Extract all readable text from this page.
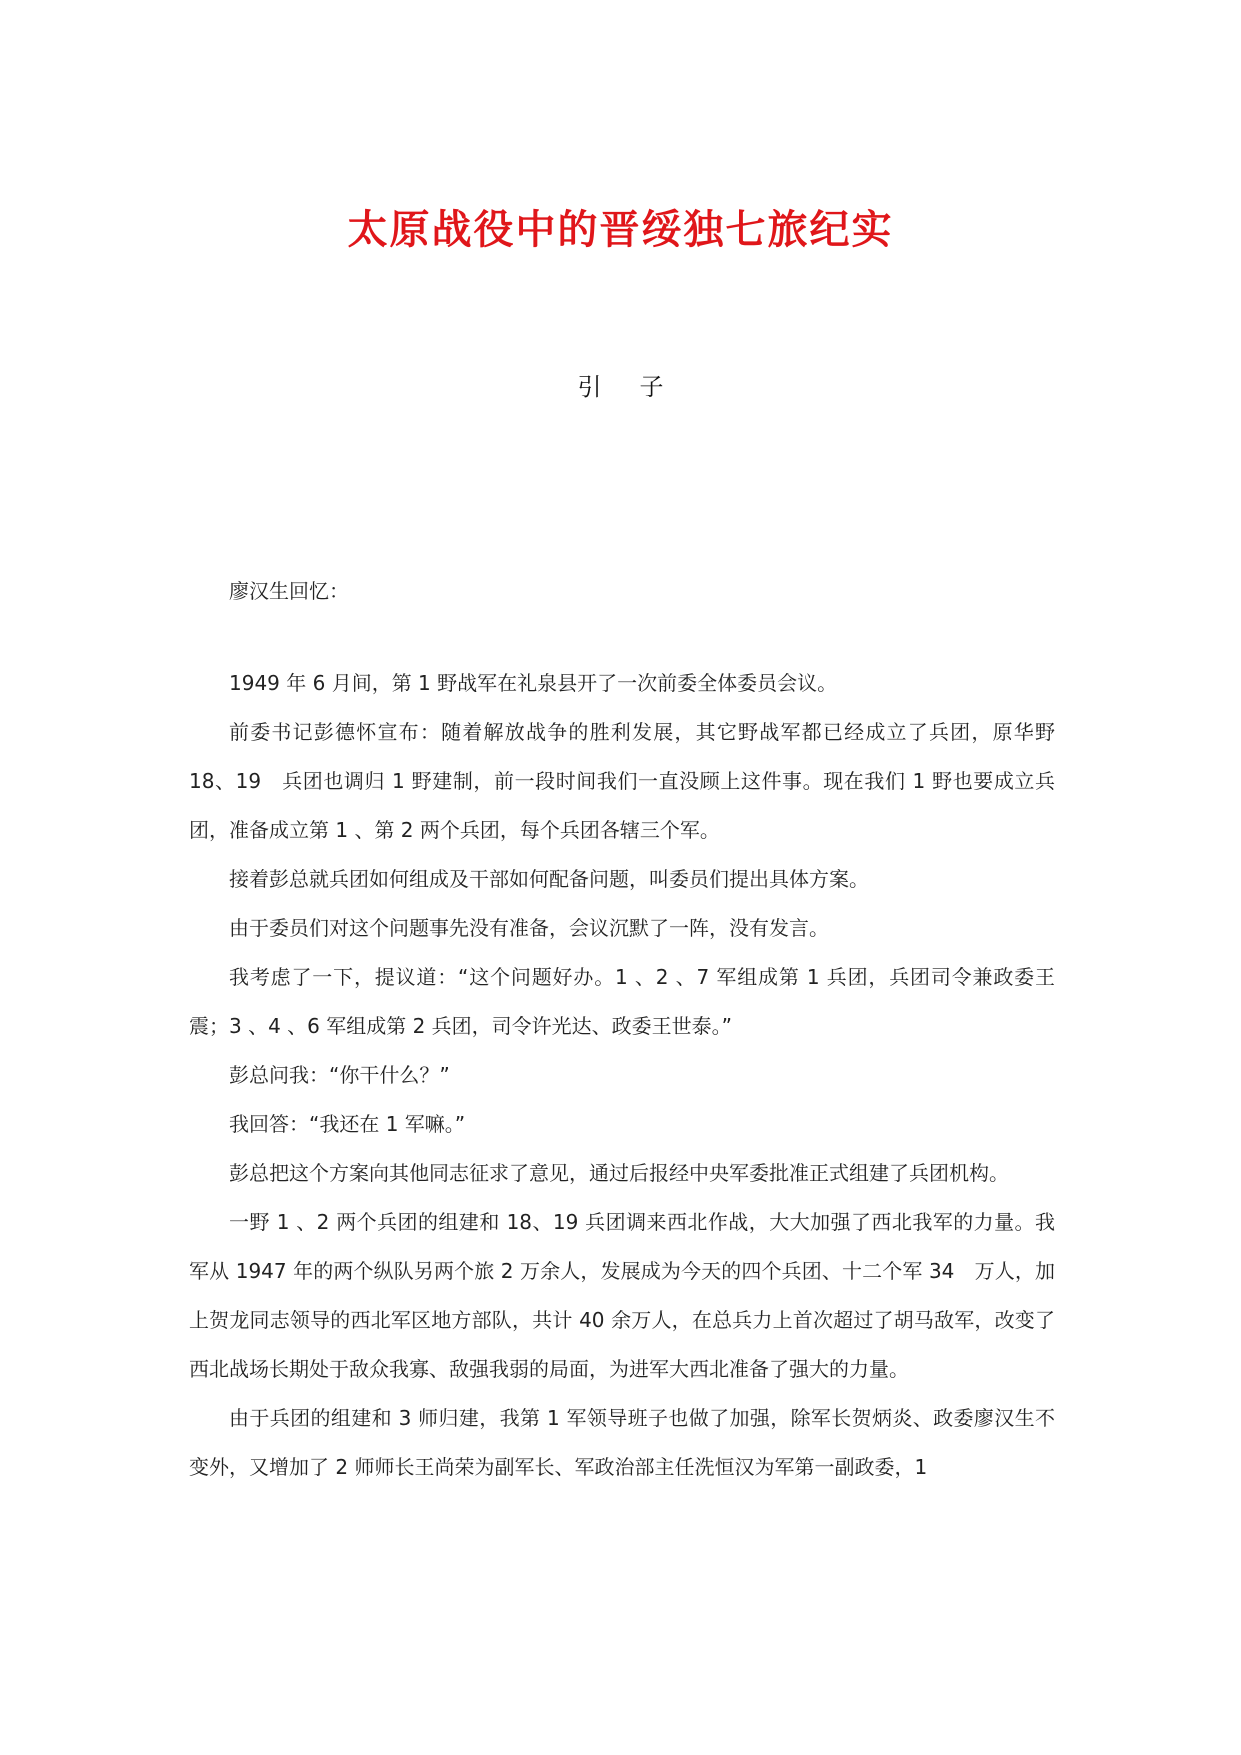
太原战役中的晋绥独七旅纪实
引 子

廖汉生回忆：

1949 年 6 月间，第 1 野战军在礼泉县开了一次前委全体委员会议。

前委书记彭德怀宣布：随着解放战争的胜利发展，其它野战军都已经成立了兵团，原华野 18、19　兵团也调归 1 野建制，前一段时间我们一直没顾上这件事。现在我们 1 野也要成立兵团，准备成立第 1 、第 2 两个兵团，每个兵团各辖三个军。

接着彭总就兵团如何组成及干部如何配备问题，叫委员们提出具体方案。

由于委员们对这个问题事先没有准备，会议沉默了一阵，没有发言。

我考虑了一下，提议道：“这个问题好办。1 、2 、7 军组成第 1 兵团，兵团司令兼政委王震；3 、4 、6 军组成第 2 兵团，司令许光达、政委王世泰。”

彭总问我：“你干什么？”

我回答：“我还在 1 军嘛。”

彭总把这个方案向其他同志征求了意见，通过后报经中央军委批准正式组建了兵团机构。

一野 1 、2 两个兵团的组建和 18、19 兵团调来西北作战，大大加强了西北我军的力量。我军从 1947 年的两个纵队另两个旅 2 万余人，发展成为今天的四个兵团、十二个军 34　万人，加上贺龙同志领导的西北军区地方部队，共计 40 余万人，在总兵力上首次超过了胡马敌军，改变了西北战场长期处于敌众我寡、敌强我弱的局面，为进军大西北准备了强大的力量。

由于兵团的组建和 3 师归建，我第 1 军领导班子也做了加强，除军长贺炳炎、政委廖汉生不变外，又增加了 2 师师长王尚荣为副军长、军政治部主任洗恒汉为军第一副政委，1
